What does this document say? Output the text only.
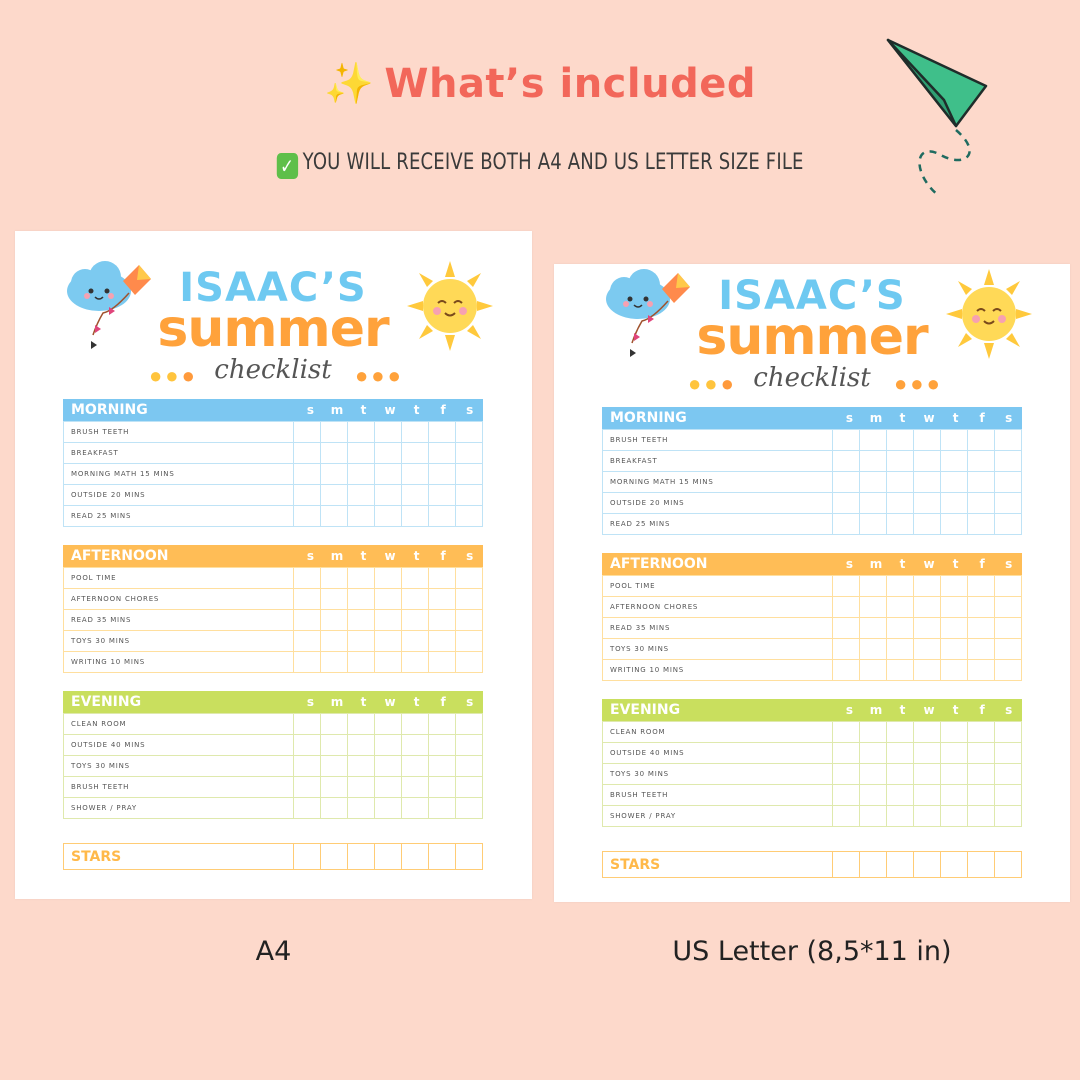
✨ What’s included
✓ YOU WILL RECEIVE BOTH A4 AND US LETTER SIZE FILE
ISAAC’S
summer
checklist
●●●	●●●
MORNING	s	m	t	w	t	f	s
BRUSH TEETH							
BREAKFAST							
MORNING MATH 15 MINS							
OUTSIDE 20 MINS							
READ 25 MINS							
AFTERNOON	s	m	t	w	t	f	s
POOL TIME							
AFTERNOON CHORES							
READ 35 MINS							
TOYS 30 MINS							
WRITING 10 MINS							
EVENING	s	m	t	w	t	f	s
CLEAN ROOM							
OUTSIDE 40 MINS							
TOYS 30 MINS							
BRUSH TEETH							
SHOWER / PRAY							
STARS							
ISAAC’S
summer
checklist
●●●	●●●
MORNING	s	m	t	w	t	f	s
BRUSH TEETH							
BREAKFAST							
MORNING MATH 15 MINS							
OUTSIDE 20 MINS							
READ 25 MINS							
AFTERNOON	s	m	t	w	t	f	s
POOL TIME							
AFTERNOON CHORES							
READ 35 MINS							
TOYS 30 MINS							
WRITING 10 MINS							
EVENING	s	m	t	w	t	f	s
CLEAN ROOM							
OUTSIDE 40 MINS							
TOYS 30 MINS							
BRUSH TEETH							
SHOWER / PRAY							
STARS							
A4	US Letter (8,5*11 in)
